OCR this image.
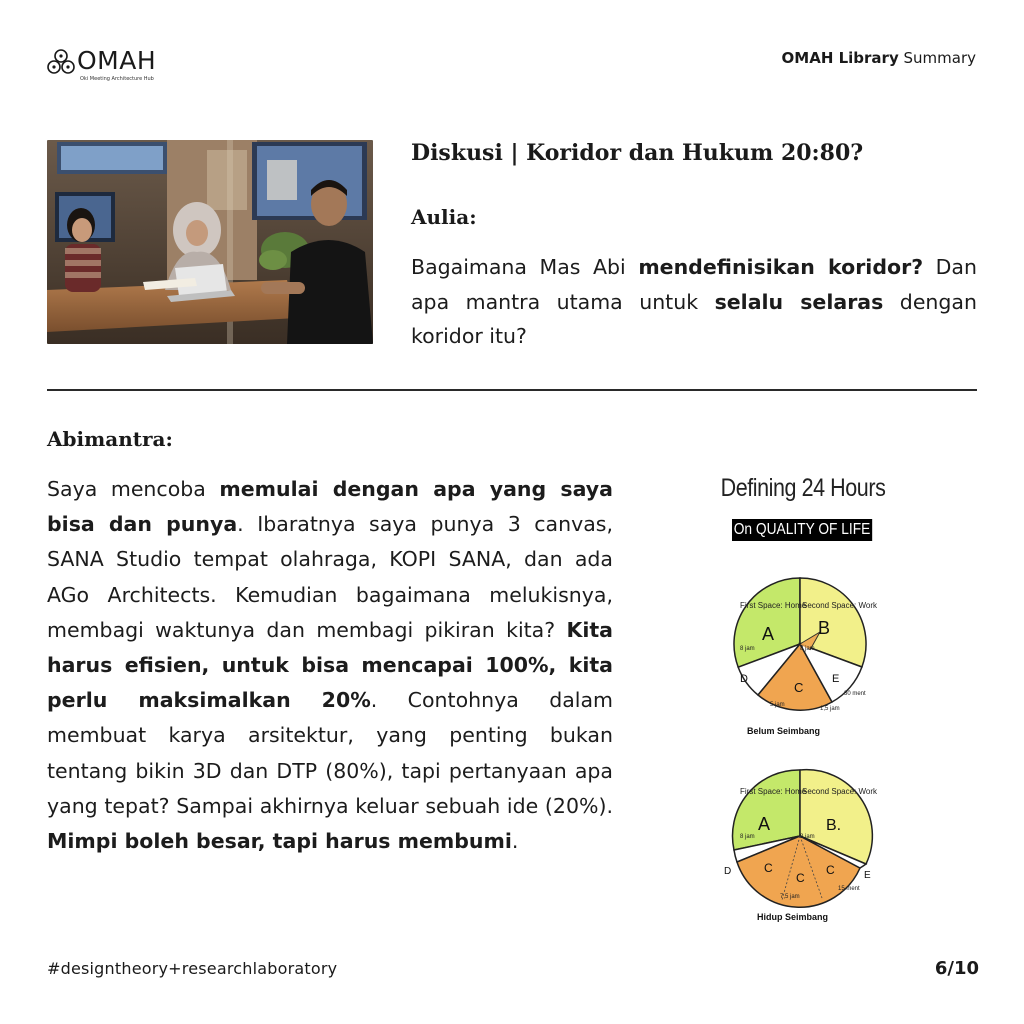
OMAH
Oki Meeting Architecture Hub
OMAH Library Summary
Diskusi | Koridor dan Hukum 20:80?
Aulia:
Bagaimana Mas Abi mendefinisikan koridor? Dan apa mantra utama untuk selalu selaras dengan koridor itu?
Abimantra:
Saya mencoba memulai dengan apa yang saya bisa dan punya. Ibaratnya saya punya 3 canvas, SANA Studio tempat olahraga, KOPI SANA, dan ada AGo Architects. Kemudian bagaimana melukisnya, membagi waktunya dan membagi pikiran kita? Kita harus efisien, untuk bisa mencapai 100%, kita perlu maksimalkan 20%. Contohnya dalam membuat karya arsitektur, yang penting bukan tentang bikin 3D dan DTP (80%), tapi pertanyaan apa yang tepat? Sampai akhirnya keluar sebuah ide (20%). Mimpi boleh besar, tapi harus membumi.
Defining 24 Hours
On QUALITY OF LIFE
First Space: Home
Second Space: Work
A B
C
D	E
8 jam	8 jam
5 jam
1,5 jam
30 ment
Belum Seimbang
First Space: Home
Second Space: Work
A	B.
C
C
C
D	E
8 jam	8 jam
7,5 jam
15 ment
Hidup Seimbang
#designtheory+researchlaboratory	6/10
